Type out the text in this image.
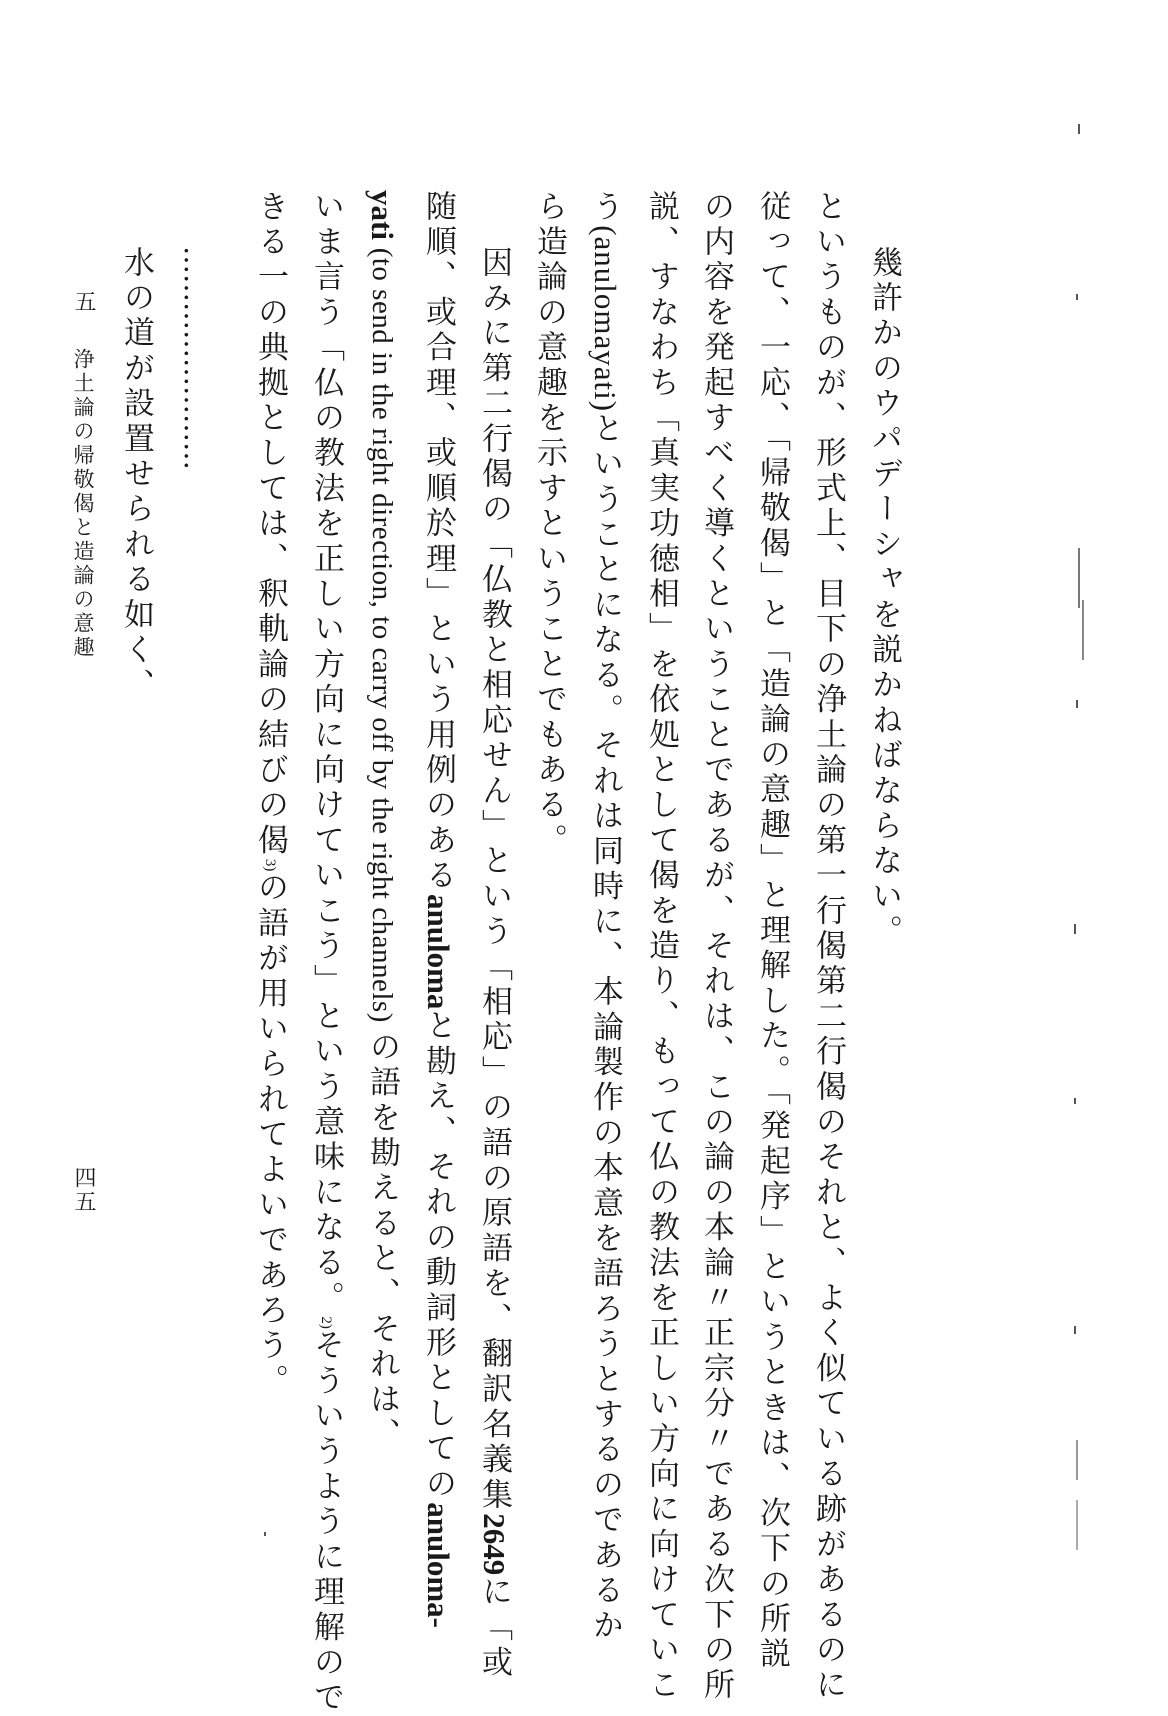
幾許かのウパデーシャを説かねばならない。
というものが、形式上、目下の浄土論の第一行偈第二行偈のそれと、よく似ている跡があるのに
従って、一応、「帰敬偈」と「造論の意趣」と理解した。「発起序」というときは、次下の所説
の内容を発起すべく導くということであるが、それは、この論の本論〃正宗分〃である次下の所
説、すなわち「真実功徳相」を依処として偈を造り、もって仏の教法を正しい方向に向けていこ
う(anulomayati)ということになる。それは同時に、本論製作の本意を語ろうとするのであるか
ら造論の意趣を示すということでもある。
因みに第二行偈の「仏教と相応せん」という「相応」の語の原語を、翻訳名義集2649に「或
随順、或合理、或順於理」という用例のあるanulomaと勘え、それの動詞形としてのanuloma-
yati (to send in the right direction, to carry off by the right channels) の語を勘えると、それは、
いま言う「仏の教法を正しい方向に向けていこう」という意味になる。2)そういうように理解ので
きる一の典拠としては、釈軌論の結びの偈3)の語が用いられてよいであろう。
……………………
水の道が設置せられる如く、
五
浄土論の帰敬偈と造論の意趣
四五
